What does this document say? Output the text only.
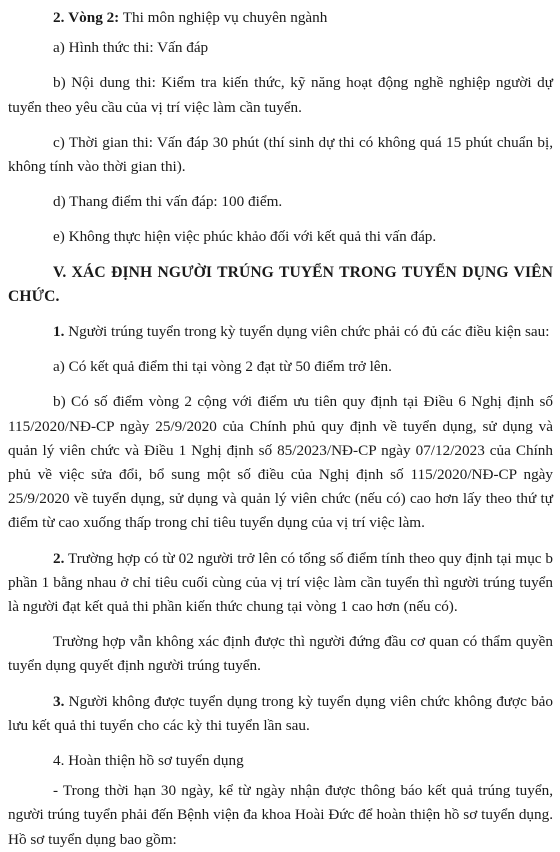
2. Vòng 2: Thi môn nghiệp vụ chuyên ngành

a) Hình thức thi: Vấn đáp

b) Nội dung thi: Kiểm tra kiến thức, kỹ năng hoạt động nghề nghiệp người dự tuyển theo yêu cầu của vị trí việc làm cần tuyển.

c) Thời gian thi: Vấn đáp 30 phút (thí sinh dự thi có không quá 15 phút chuẩn bị, không tính vào thời gian thi).

d) Thang điểm thi vấn đáp: 100 điểm.

e) Không thực hiện việc phúc khảo đối với kết quả thi vấn đáp.

V. XÁC ĐỊNH NGƯỜI TRÚNG TUYỂN TRONG TUYỂN DỤNG VIÊN CHỨC.

1. Người trúng tuyển trong kỳ tuyển dụng viên chức phải có đủ các điều kiện sau:

a) Có kết quả điểm thi tại vòng 2 đạt từ 50 điểm trở lên.

b) Có số điểm vòng 2 cộng với điểm ưu tiên quy định tại Điều 6 Nghị định số 115/2020/NĐ-CP ngày 25/9/2020 của Chính phủ quy định về tuyển dụng, sử dụng và quản lý viên chức và Điều 1 Nghị định số 85/2023/NĐ-CP ngày 07/12/2023 của Chính phủ về việc sửa đổi, bổ sung một số điều của Nghị định số 115/2020/NĐ-CP ngày 25/9/2020 về tuyển dụng, sử dụng và quản lý viên chức (nếu có) cao hơn lấy theo thứ tự điểm từ cao xuống thấp trong chỉ tiêu tuyển dụng của vị trí việc làm.

2. Trường hợp có từ 02 người trở lên có tổng số điểm tính theo quy định tại mục b phần 1 bằng nhau ở chỉ tiêu cuối cùng của vị trí việc làm cần tuyển thì người trúng tuyển là người đạt kết quả thi phần kiến thức chung tại vòng 1 cao hơn (nếu có).

Trường hợp vẫn không xác định được thì người đứng đầu cơ quan có thẩm quyền tuyển dụng quyết định người trúng tuyển.

3. Người không được tuyển dụng trong kỳ tuyển dụng viên chức không được bảo lưu kết quả thi tuyển cho các kỳ thi tuyển lần sau.

4. Hoàn thiện hồ sơ tuyển dụng

- Trong thời hạn 30 ngày, kể từ ngày nhận được thông báo kết quả trúng tuyển, người trúng tuyển phải đến Bệnh viện đa khoa Hoài Đức để hoàn thiện hồ sơ tuyển dụng. Hồ sơ tuyển dụng bao gồm:
